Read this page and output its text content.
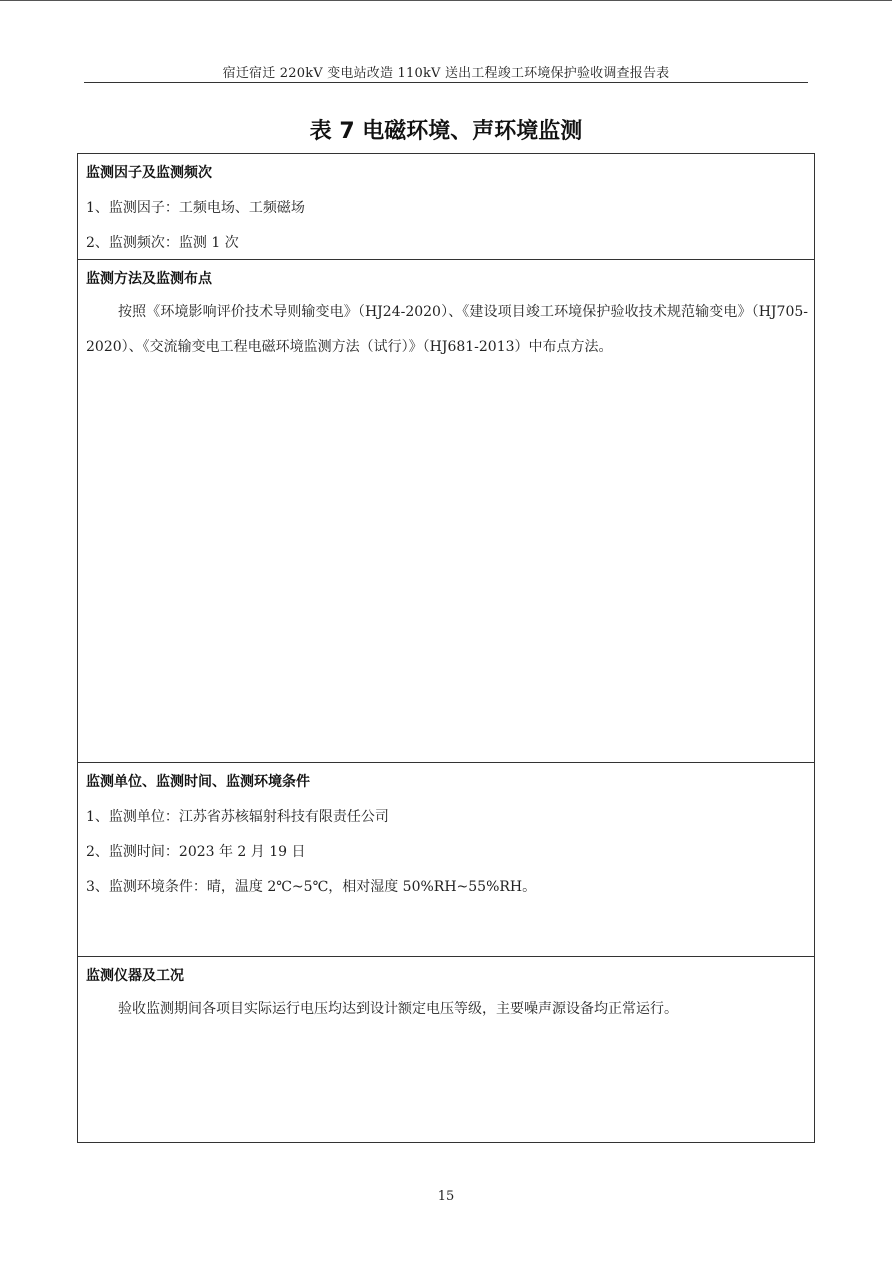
宿迁宿迁 220kV 变电站改造 110kV 送出工程竣工环境保护验收调查报告表
表 7 电磁环境、声环境监测
监测因子及监测频次
1、监测因子：工频电场、工频磁场
2、监测频次：监测 1 次
监测方法及监测布点
按照《环境影响评价技术导则输变电》（HJ24-2020）、《建设项目竣工环境保护验收技术规范输变电》（HJ705-2020）、《交流输变电工程电磁环境监测方法（试行）》（HJ681-2013）中布点方法。
监测单位、监测时间、监测环境条件
1、监测单位：江苏省苏核辐射科技有限责任公司
2、监测时间：2023 年 2 月 19 日
3、监测环境条件：晴，温度 2℃~5℃，相对湿度 50%RH~55%RH。
监测仪器及工况
验收监测期间各项目实际运行电压均达到设计额定电压等级，主要噪声源设备均正常运行。
15
